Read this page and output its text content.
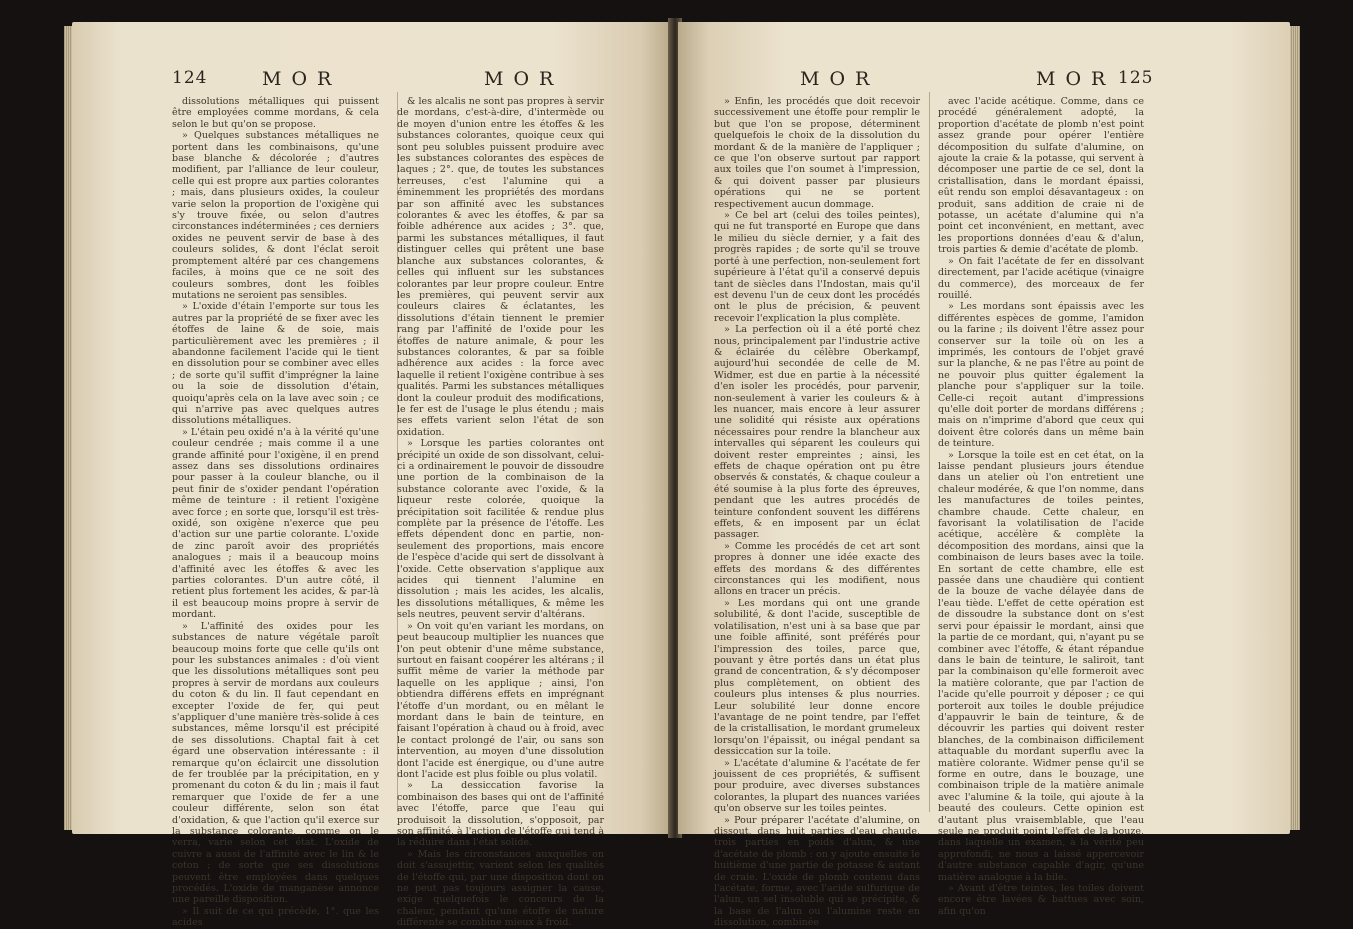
124	MOR	MOR

dissolutions métalliques qui puissent être employées comme mordans, & cela selon le but qu'on se propose.

» Quelques substances métalliques ne portent dans les combinaisons, qu'une base blanche & décolorée ; d'autres modifient, par l'alliance de leur couleur, celle qui est propre aux parties colorantes ; mais, dans plusieurs oxides, la couleur varie selon la proportion de l'oxigène qui s'y trouve fixée, ou selon d'autres circonstances indéterminées ; ces derniers oxides ne peuvent servir de base à des couleurs solides, & dont l'éclat seroit promptement altéré par ces changemens faciles, à moins que ce ne soit des couleurs sombres, dont les foibles mutations ne seroient pas sensibles.

» L'oxide d'étain l'emporte sur tous les autres par la propriété de se fixer avec les étoffes de laine & de soie, mais particulièrement avec les premières ; il abandonne facilement l'acide qui le tient en dissolution pour se combiner avec elles ; de sorte qu'il suffit d'imprégner la laine ou la soie de dissolution d'étain, quoiqu'après cela on la lave avec soin ; ce qui n'arrive pas avec quelques autres dissolutions métalliques.

» L'étain peu oxidé n'a à la vérité qu'une couleur cendrée ; mais comme il a une grande affinité pour l'oxigène, il en prend assez dans ses dissolutions ordinaires pour passer à la couleur blanche, ou il peut finir de s'oxider pendant l'opération même de teinture : il retient l'oxigène avec force ; en sorte que, lorsqu'il est très-oxidé, son oxigène n'exerce que peu d'action sur une partie colorante. L'oxide de zinc paroît avoir des propriétés analogues ; mais il a beaucoup moins d'affinité avec les étoffes & avec les parties colorantes. D'un autre côté, il retient plus fortement les acides, & par-là il est beaucoup moins propre à servir de mordant.

» L'affinité des oxides pour les substances de nature végétale paroît beaucoup moins forte que celle qu'ils ont pour les substances animales : d'où vient que les dissolutions métalliques sont peu propres à servir de mordans aux couleurs du coton & du lin. Il faut cependant en excepter l'oxide de fer, qui peut s'appliquer d'une manière très-solide à ces substances, même lorsqu'il est précipité de ses dissolutions. Chaptal fait à cet égard une observation intéressante : il remarque qu'on éclaircit une dissolution de fer troublée par la précipitation, en y promenant du coton & du lin ; mais il faut remarquer que l'oxide de fer a une couleur différente, selon son état d'oxidation, & que l'action qu'il exerce sur la substance colorante, comme on le verra, varie selon cet état. L'oxide de cuivre a aussi de l'affinité avec le lin & le coton ; de sorte que ses dissolutions peuvent être employées dans quelques procédés. L'oxide de manganèse annonce une pareille disposition.

» Il suit de ce qui précède, 1°. que les acides

& les alcalis ne sont pas propres à servir de mordans, c'est-à-dire, d'intermède ou de moyen d'union entre les étoffes & les substances colorantes, quoique ceux qui sont peu solubles puissent produire avec les substances colorantes des espèces de laques ; 2°. que, de toutes les substances terreuses, c'est l'alumine qui a éminemment les propriétés des mordans par son affinité avec les substances colorantes & avec les étoffes, & par sa foible adhérence aux acides ; 3°. que, parmi les substances métalliques, il faut distinguer celles qui prêtent une base blanche aux substances colorantes, & celles qui influent sur les substances colorantes par leur propre couleur. Entre les premières, qui peuvent servir aux couleurs claires & éclatantes, les dissolutions d'étain tiennent le premier rang par l'affinité de l'oxide pour les étoffes de nature animale, & pour les substances colorantes, & par sa foible adhérence aux acides : la force avec laquelle il retient l'oxigène contribue à ses qualités. Parmi les substances métalliques dont la couleur produit des modifications, le fer est de l'usage le plus étendu ; mais ses effets varient selon l'état de son oxidation.

» Lorsque les parties colorantes ont précipité un oxide de son dissolvant, celui-ci a ordinairement le pouvoir de dissoudre une portion de la combinaison de la substance colorante avec l'oxide, & la liqueur reste colorée, quoique la précipitation soit facilitée & rendue plus complète par la présence de l'étoffe. Les effets dépendent donc en partie, non-seulement des proportions, mais encore de l'espèce d'acide qui sert de dissolvant à l'oxide. Cette observation s'applique aux acides qui tiennent l'alumine en dissolution ; mais les acides, les alcalis, les dissolutions métalliques, & même les sels neutres, peuvent servir d'altérans.

» On voit qu'en variant les mordans, on peut beaucoup multiplier les nuances que l'on peut obtenir d'une même substance, surtout en faisant coopérer les altérans ; il suffit même de varier la méthode par laquelle on les applique ; ainsi, l'on obtiendra différens effets en imprégnant l'étoffe d'un mordant, ou en mêlant le mordant dans le bain de teinture, en faisant l'opération à chaud ou à froid, avec le contact prolongé de l'air, ou sans son intervention, au moyen d'une dissolution dont l'acide est énergique, ou d'une autre dont l'acide est plus foible ou plus volatil.

» La dessiccation favorise la combinaison des bases qui ont de l'affinité avec l'étoffe, parce que l'eau qui produisoit la dissolution, s'opposoit, par son affinité, à l'action de l'étoffe qui tend à la réduire dans l'état solide.

» Mais les circonstances auxquelles on doit s'assujettir, varient selon les qualités de l'étoffe qui, par une disposition dont on ne peut pas toujours assigner la cause, exige quelquefois le concours de la chaleur, pendant qu'une étoffe de nature différente se combine mieux à froid.

MOR	MOR 125

» Enfin, les procédés que doit recevoir successivement une étoffe pour remplir le but que l'on se propose, déterminent quelquefois le choix de la dissolution du mordant & de la manière de l'appliquer ; ce que l'on observe surtout par rapport aux toiles que l'on soumet à l'impression, & qui doivent passer par plusieurs opérations qui ne se portent respectivement aucun dommage.

» Ce bel art (celui des toiles peintes), qui ne fut transporté en Europe que dans le milieu du siècle dernier, y a fait des progrès rapides ; de sorte qu'il se trouve porté à une perfection, non-seulement fort supérieure à l'état qu'il a conservé depuis tant de siècles dans l'Indostan, mais qu'il est devenu l'un de ceux dont les procédés ont le plus de précision, & peuvent recevoir l'explication la plus complète.

» La perfection où il a été porté chez nous, principalement par l'industrie active & éclairée du célèbre Oberkampf, aujourd'hui secondée de celle de M. Widmer, est due en partie à la nécessité d'en isoler les procédés, pour parvenir, non-seulement à varier les couleurs & à les nuancer, mais encore à leur assurer une solidité qui résiste aux opérations nécessaires pour rendre la blancheur aux intervalles qui séparent les couleurs qui doivent rester empreintes ; ainsi, les effets de chaque opération ont pu être observés & constatés, & chaque couleur a été soumise à la plus forte des épreuves, pendant que les autres procédés de teinture confondent souvent les différens effets, & en imposent par un éclat passager.

» Comme les procédés de cet art sont propres à donner une idée exacte des effets des mordans & des différentes circonstances qui les modifient, nous allons en tracer un précis.

» Les mordans qui ont une grande solubilité, & dont l'acide, susceptible de volatilisation, n'est uni à sa base que par une foible affinité, sont préférés pour l'impression des toiles, parce que, pouvant y être portés dans un état plus grand de concentration, & s'y décomposer plus complètement, on obtient des couleurs plus intenses & plus nourries. Leur solubilité leur donne encore l'avantage de ne point tendre, par l'effet de la cristallisation, le mordant grumeleux lorsqu'on l'épaissit, ou inégal pendant sa dessiccation sur la toile.

» L'acétate d'alumine & l'acétate de fer jouissent de ces propriétés, & suffisent pour produire, avec diverses substances colorantes, la plupart des nuances variées qu'on observe sur les toiles peintes.

» Pour préparer l'acétate d'alumine, on dissout, dans huit parties d'eau chaude, trois parties en poids d'alun, & une d'acétate de plomb : on y ajoute ensuite le huitième d'une partie de potasse & autant de craie. L'oxide de plomb contenu dans l'acétate, forme, avec l'acide sulfurique de l'alun, un sel insoluble qui se précipite, & la base de l'alun ou l'alumine reste en dissolution, combinée

avec l'acide acétique. Comme, dans ce procédé généralement adopté, la proportion d'acétate de plomb n'est point assez grande pour opérer l'entière décomposition du sulfate d'alumine, on ajoute la craie & la potasse, qui servent à décomposer une partie de ce sel, dont la cristallisation, dans le mordant épaissi, eût rendu son emploi désavantageux : on produit, sans addition de craie ni de potasse, un acétate d'alumine qui n'a point cet inconvénient, en mettant, avec les proportions données d'eau & d'alun, trois parties & demie d'acétate de plomb.

» On fait l'acétate de fer en dissolvant directement, par l'acide acétique (vinaigre du commerce), des morceaux de fer rouillé.

» Les mordans sont épaissis avec les différentes espèces de gomme, l'amidon ou la farine ; ils doivent l'être assez pour conserver sur la toile où on les a imprimés, les contours de l'objet gravé sur la planche, & ne pas l'être au point de ne pouvoir plus quitter également la planche pour s'appliquer sur la toile. Celle-ci reçoit autant d'impressions qu'elle doit porter de mordans différens ; mais on n'imprime d'abord que ceux qui doivent être colorés dans un même bain de teinture.

» Lorsque la toile est en cet état, on la laisse pendant plusieurs jours étendue dans un atelier où l'on entretient une chaleur modérée, & que l'on nomme, dans les manufactures de toiles peintes, chambre chaude. Cette chaleur, en favorisant la volatilisation de l'acide acétique, accélère & complète la décomposition des mordans, ainsi que la combinaison de leurs bases avec la toile. En sortant de cette chambre, elle est passée dans une chaudière qui contient de la bouze de vache délayée dans de l'eau tiède. L'effet de cette opération est de dissoudre la substance dont on s'est servi pour épaissir le mordant, ainsi que la partie de ce mordant, qui, n'ayant pu se combiner avec l'étoffe, & étant répandue dans le bain de teinture, le saliroit, tant par la combinaison qu'elle formeroit avec la matière colorante, que par l'action de l'acide qu'elle pourroit y déposer ; ce qui porteroit aux toiles le double préjudice d'appauvrir le bain de teinture, & de découvrir les parties qui doivent rester blanches, de la combinaison difficilement attaquable du mordant superflu avec la matière colorante. Widmer pense qu'il se forme en outre, dans le bouzage, une combinaison triple de la matière animale avec l'alumine & la toile, qui ajoute à la beauté des couleurs. Cette opinion est d'autant plus vraisemblable, que l'eau seule ne produit point l'effet de la bouze, dans laquelle un examen, à la vérité peu approfondi, ne nous a laissé appercevoir d'autre substance capable d'agir, qu'une matière analogue à la bile.

» Avant d'être teintes, les toiles doivent encore être lavées & battues avec soin, afin qu'on
